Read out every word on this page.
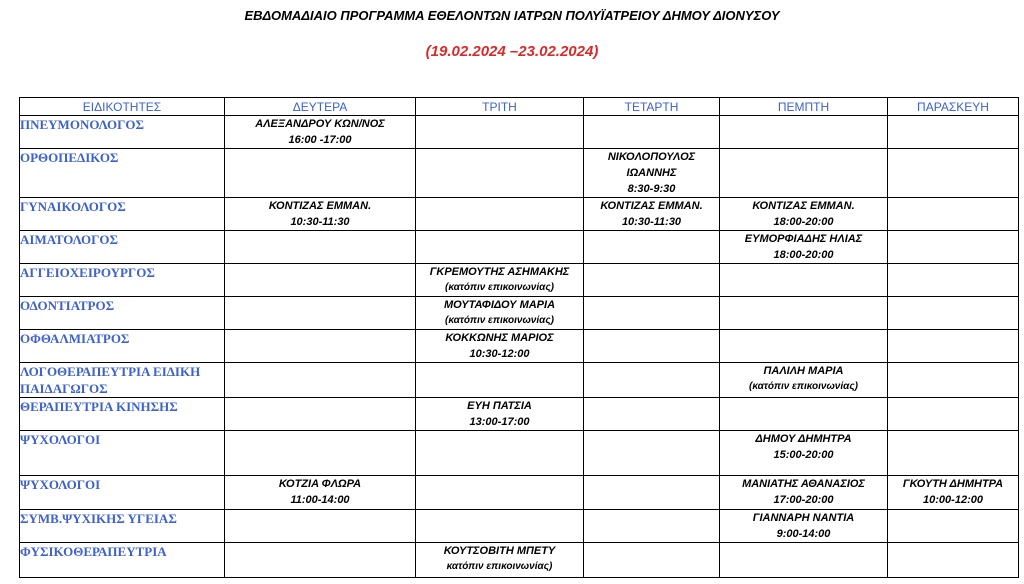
ΕΒΔΟΜΑΔΙΑΙΟ ΠΡΟΓΡΑΜΜΑ ΕΘΕΛΟΝΤΩΝ ΙΑΤΡΩΝ ΠΟΛΥΪΑΤΡΕΙΟΥ ΔΗΜΟΥ ΔΙΟΝΥΣΟΥ
(19.02.2024 –23.02.2024)
ΕΙΔΙΚΟΤΗΤΕΣ	ΔΕΥΤΕΡΑ	ΤΡΙΤΗ	ΤΕΤΑΡΤΗ	ΠΕΜΠΤΗ	ΠΑΡΑΣΚΕΥΗ
ΠΝΕΥΜΟΝΟΛΟΓΟΣ	ΑΛΕΞΑΝΔΡΟΥ ΚΩΝ/ΝΟΣ
16:00 -17:00				

ΟΡΘΟΠΕΔΙΚΟΣ			ΝΙΚΟΛΟΠΟΥΛΟΣ
ΙΩΑΝΝΗΣ
8:30-9:30		

ΓΥΝΑΙΚΟΛΟΓΟΣ	ΚΟΝΤΙΖΑΣ ΕΜΜΑΝ.
10:30-11:30		ΚΟΝΤΙΖΑΣ ΕΜΜΑΝ.
10:30-11:30	ΚΟΝΤΙΖΑΣ ΕΜΜΑΝ.
18:00-20:00	

ΑΙΜΑΤΟΛΟΓΟΣ				ΕΥΜΟΡΦΙΑΔΗΣ ΗΛΙΑΣ
18:00-20:00	

ΑΓΓΕΙΟΧΕΙΡΟΥΡΓΟΣ		ΓΚΡΕΜΟΥΤΗΣ ΑΣΗΜΑΚΗΣ
(κατόπιν επικοινωνίας)			

ΟΔΟΝΤΙΑΤΡΟΣ		ΜΟΥΤΑΦΙΔΟΥ ΜΑΡΙΑ
(κατόπιν επικοινωνίας)			

ΟΦΘΑΛΜΙΑΤΡΟΣ		ΚΟΚΚΩΝΗΣ ΜΑΡΙΟΣ
10:30-12:00			

ΛΟΓΟΘΕΡΑΠΕΥΤΡΙΑ ΕΙΔΙΚΗ ΠΑΙΔΑΓΩΓΟΣ				ΠΑΛΙΛΗ ΜΑΡΙΑ
(κατόπιν επικοινωνίας)	

ΘΕΡΑΠΕΥΤΡΙΑ ΚΙΝΗΣΗΣ		ΕΥΗ ΠΑΤΣΙΑ
13:00-17:00			

ΨΥΧΟΛΟΓΟΙ				ΔΗΜΟΥ ΔΗΜΗΤΡΑ
15:00-20:00	

ΨΥΧΟΛΟΓΟΙ	ΚΟΤΖΙΑ ΦΛΩΡΑ
11:00-14:00			ΜΑΝΙΑΤΗΣ ΑΘΑΝΑΣΙΟΣ
17:00-20:00	ΓΚΟΥΤΗ ΔΗΜΗΤΡΑ
10:00-12:00

ΣΥΜΒ.ΨΥΧΙΚΗΣ ΥΓΕΙΑΣ				ΓΙΑΝΝΑΡΗ ΝΑΝΤΙΑ
9:00-14:00	

ΦΥΣΙΚΟΘΕΡΑΠΕΥΤΡΙΑ		ΚΟΥΤΣΟΒΙΤΗ ΜΠΕΤΥ
κατόπιν επικοινωνίας)			
